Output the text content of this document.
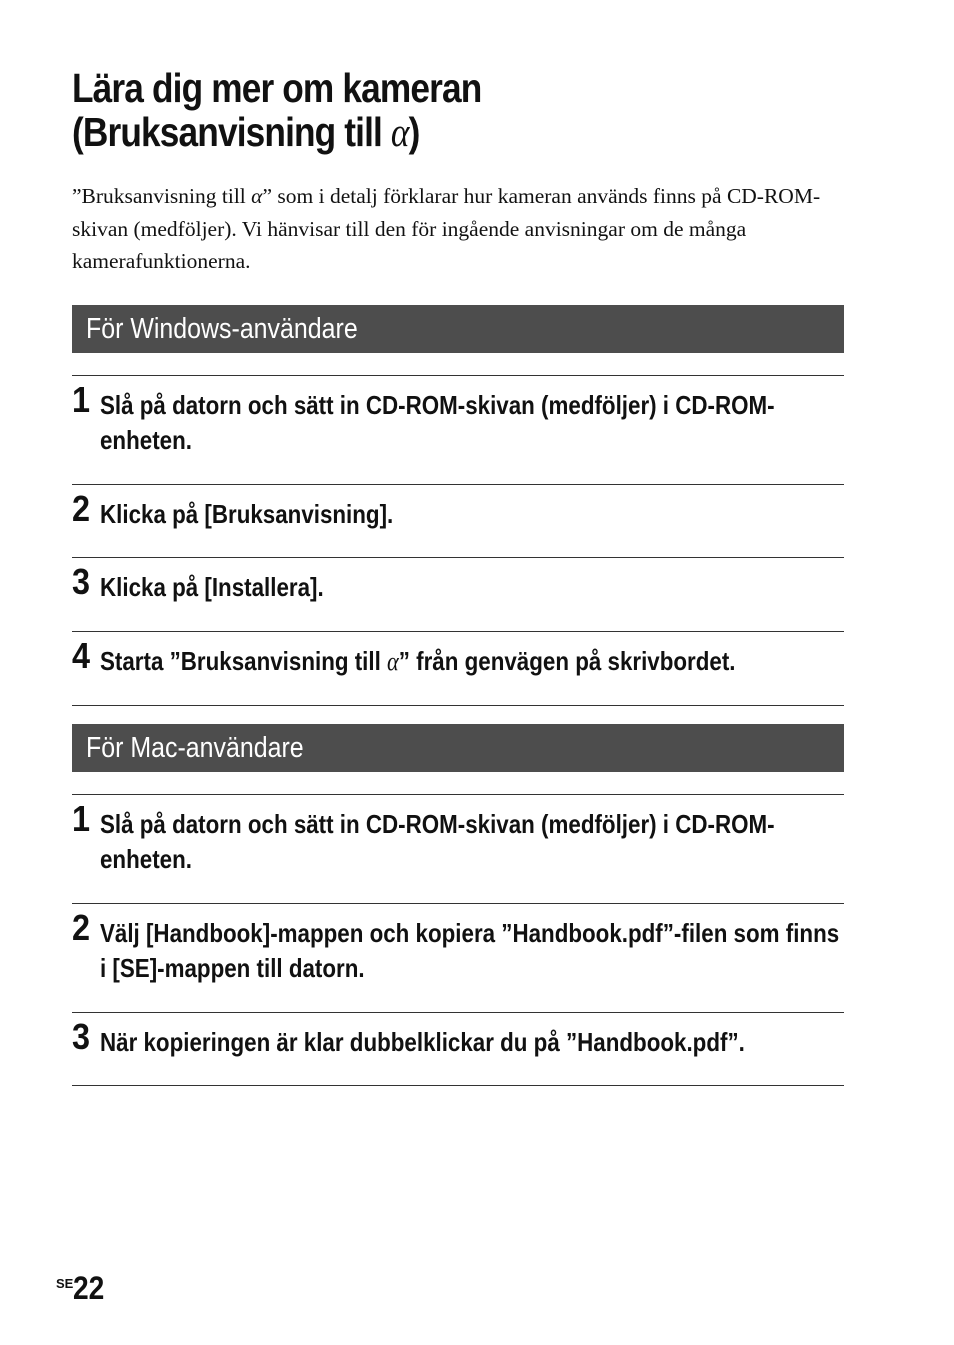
Lära dig mer om kameran
(Bruksanvisning till α)

”Bruksanvisning till α” som i detalj förklarar hur kameran används finns på CD-ROM-skivan (medföljer). Vi hänvisar till den för ingående anvisningar om de många kamerafunktionerna.

För Windows-användare
1 Slå på datorn och sätt in CD-ROM-skivan (medföljer) i CD-ROM-enheten.
2 Klicka på [Bruksanvisning].
3 Klicka på [Installera].
4 Starta ”Bruksanvisning till α” från genvägen på skrivbordet.
För Mac-användare
1 Slå på datorn och sätt in CD-ROM-skivan (medföljer) i CD-ROM-enheten.
2 Välj [Handbook]-mappen och kopiera ”Handbook.pdf”-filen som finns i [SE]-mappen till datorn.
3 När kopieringen är klar dubbelklickar du på ”Handbook.pdf”.
$^{SE}$22
